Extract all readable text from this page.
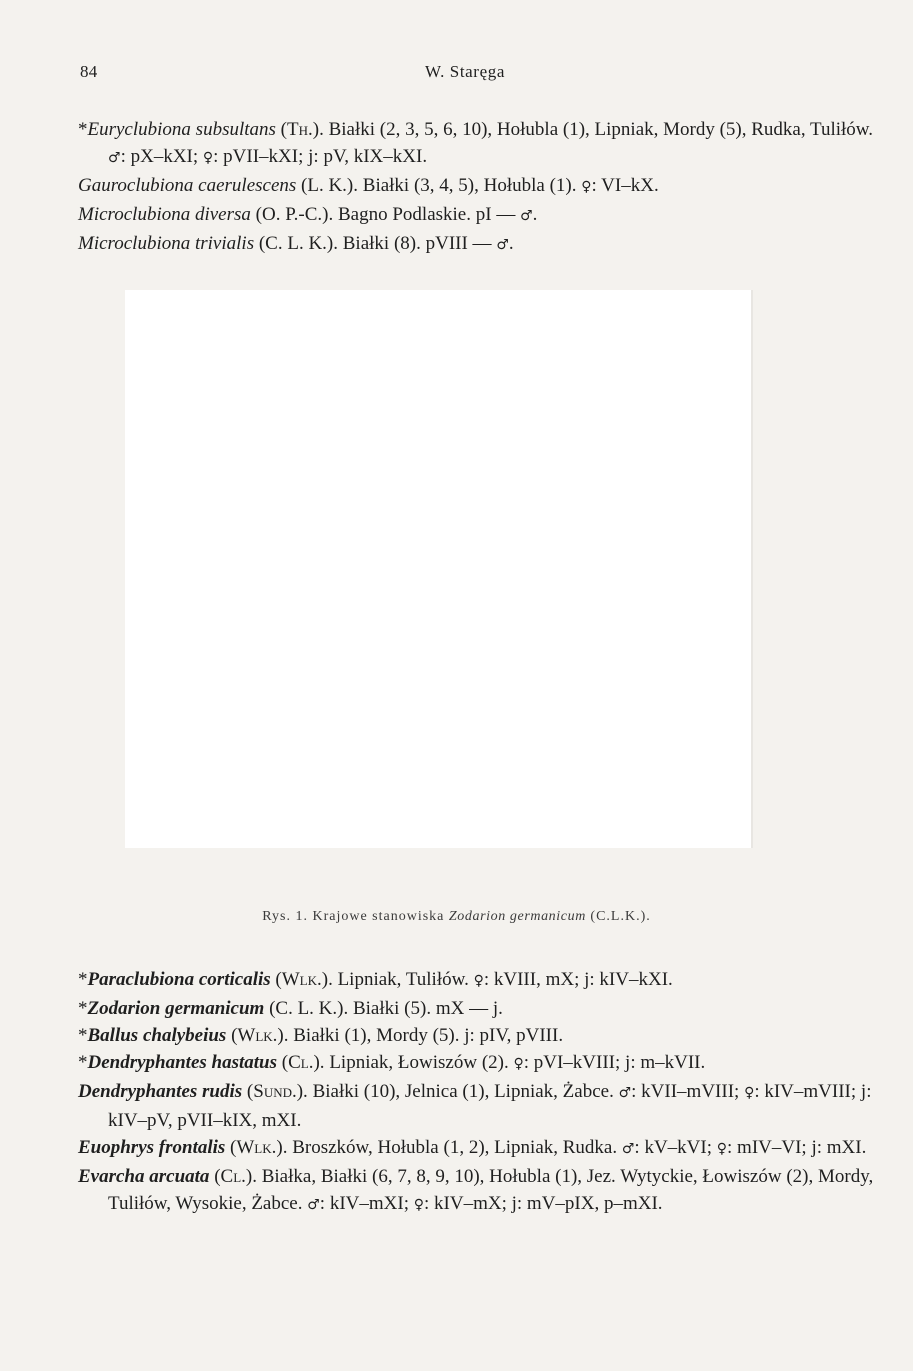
84	W. Staręga

*Euryclubiona subsultans (Th.). Białki (2, 3, 5, 6, 10), Hołubla (1), Lipniak, Mordy (5), Rudka, Tuliłów. ♂: pX–kXI; ♀: pVII–kXI; j: pV, kIX–kXI.

Gauroclubiona caerulescens (L. K.). Białki (3, 4, 5), Hołubla (1). ♀: VI–kX.

Microclubiona diversa (O. P.-C.). Bagno Podlaskie. pI — ♂.

Microclubiona trivialis (C. L. K.). Białki (8). pVIII — ♂.

Rys. 1. Krajowe stanowiska Zodarion germanicum (C.L.K.).

*Paraclubiona corticalis (Wlk.). Lipniak, Tuliłów. ♀: kVIII, mX; j: kIV–kXI.

*Zodarion germanicum (C. L. K.). Białki (5). mX — j.

*Ballus chalybeius (Wlk.). Białki (1), Mordy (5). j: pIV, pVIII.

*Dendryphantes hastatus (Cl.). Lipniak, Łowiszów (2). ♀: pVI–kVIII; j: m–kVII.

Dendryphantes rudis (Sund.). Białki (10), Jelnica (1), Lipniak, Żabce. ♂: kVII–mVIII; ♀: kIV–mVIII; j: kIV–pV, pVII–kIX, mXI.

Euophrys frontalis (Wlk.). Broszków, Hołubla (1, 2), Lipniak, Rudka. ♂: kV–kVI; ♀: mIV–VI; j: mXI.

Evarcha arcuata (Cl.). Białka, Białki (6, 7, 8, 9, 10), Hołubla (1), Jez. Wytyckie, Łowiszów (2), Mordy, Tuliłów, Wysokie, Żabce. ♂: kIV–mXI; ♀: kIV–mX; j: mV–pIX, p–mXI.
